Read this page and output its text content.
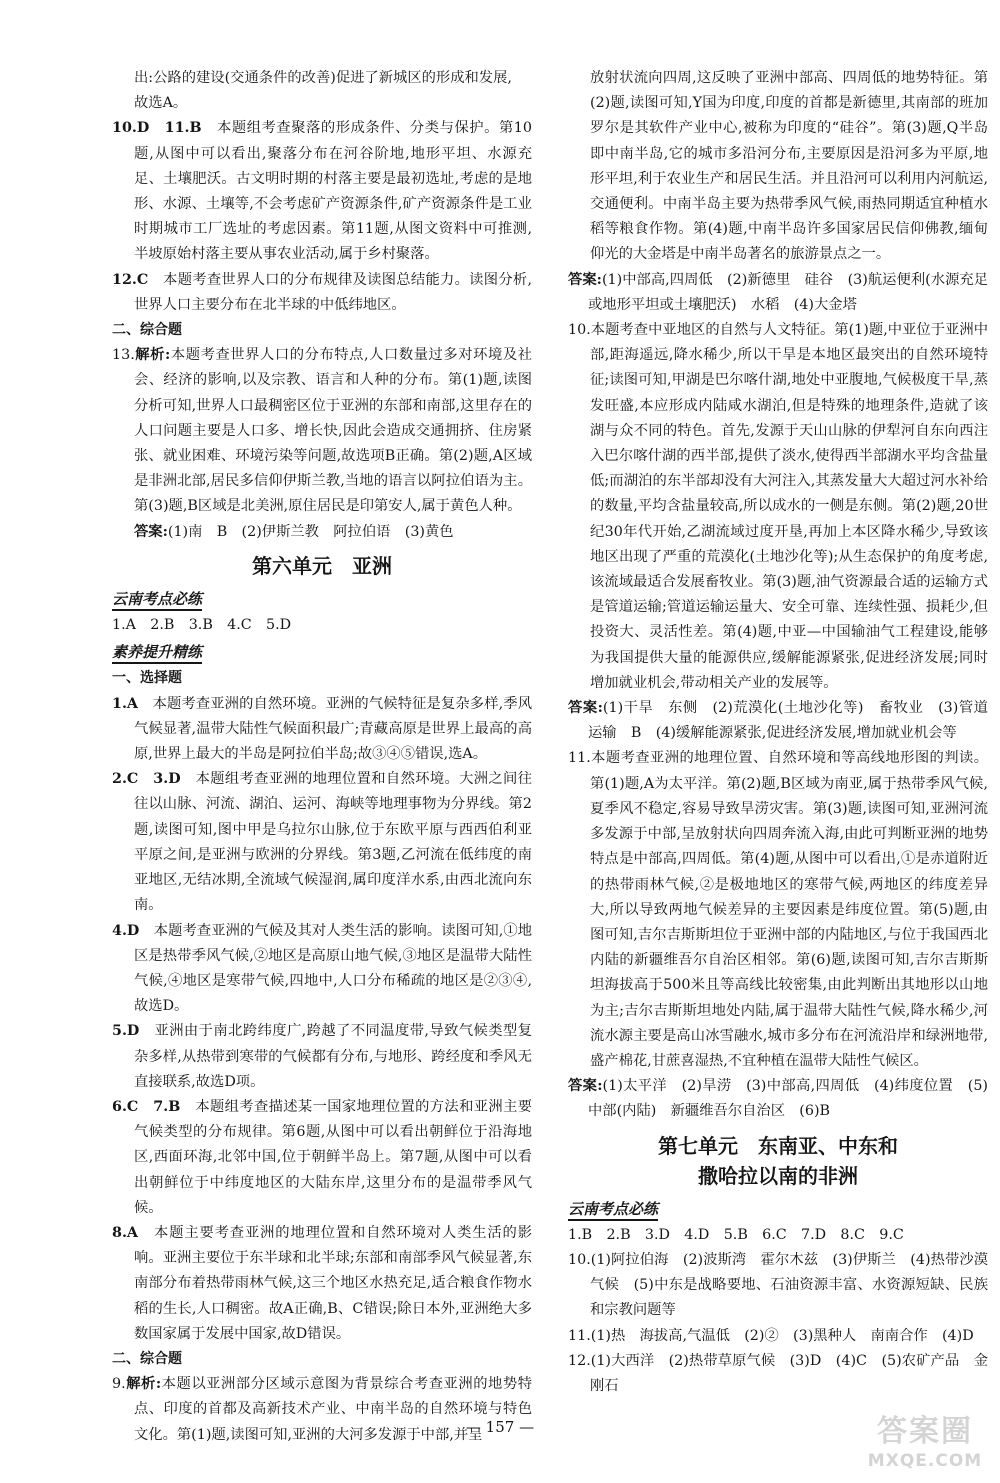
出:公路的建设(交通条件的改善)促进了新城区的形成和发展,

故选A。

10.D　11.B　 本题组考查聚落的形成条件、分类与保护。第10题,从图中可以看出,聚落分布在河谷阶地,地形平坦、水源充足、土壤肥沃。古文明时期的村落主要是最初选址,考虑的是地形、水源、土壤等,不会考虑矿产资源条件,矿产资源条件是工业时期城市工厂选址的考虑因素。第11题,从图文资料中可推测,半坡原始村落主要从事农业活动,属于乡村聚落。

12.C　 本题考查世界人口的分布规律及读图总结能力。读图分析,世界人口主要分布在北半球的中低纬地区。

二、综合题

13.解析:本题考查世界人口的分布特点,人口数量过多对环境及社会、经济的影响,以及宗教、语言和人种的分布。第(1)题,读图分析可知,世界人口最稠密区位于亚洲的东部和南部,这里存在的人口问题主要是人口多、增长快,因此会造成交通拥挤、住房紧张、就业困难、环境污染等问题,故选项B正确。第(2)题,A区域是非洲北部,居民多信仰伊斯兰教,当地的语言以阿拉伯语为主。第(3)题,B区域是北美洲,原住居民是印第安人,属于黄色人种。

答案:(1)南　B　(2)伊斯兰教　阿拉伯语　(3)黄色

第六单元　亚洲
云南考点必练

1.A　2.B　3.B　4.C　5.D

素养提升精练

一、选择题

1.A　 本题考查亚洲的自然环境。亚洲的气候特征是复杂多样,季风气候显著,温带大陆性气候面积最广;青藏高原是世界上最高的高原,世界上最大的半岛是阿拉伯半岛;故③④⑤错误,选A。

2.C　3.D　 本题组考查亚洲的地理位置和自然环境。大洲之间往往以山脉、河流、湖泊、运河、海峡等地理事物为分界线。第2题,读图可知,图中甲是乌拉尔山脉,位于东欧平原与西西伯利亚平原之间,是亚洲与欧洲的分界线。第3题,乙河流在低纬度的南亚地区,无结冰期,全流域气候湿润,属印度洋水系,由西北流向东南。

4.D　 本题考查亚洲的气候及其对人类生活的影响。读图可知,①地区是热带季风气候,②地区是高原山地气候,③地区是温带大陆性气候,④地区是寒带气候,四地中,人口分布稀疏的地区是②③④,故选D。

5.D　 亚洲由于南北跨纬度广,跨越了不同温度带,导致气候类型复杂多样,从热带到寒带的气候都有分布,与地形、跨经度和季风无直接联系,故选D项。

6.C　7.B　 本题组考查描述某一国家地理位置的方法和亚洲主要气候类型的分布规律。第6题,从图中可以看出朝鲜位于沿海地区,西面环海,北邻中国,位于朝鲜半岛上。第7题,从图中可以看出朝鲜位于中纬度地区的大陆东岸,这里分布的是温带季风气候。

8.A　 本题主要考查亚洲的地理位置和自然环境对人类生活的影响。亚洲主要位于东半球和北半球;东部和南部季风气候显著,东南部分布着热带雨林气候,这三个地区水热充足,适合粮食作物水稻的生长,人口稠密。故A正确,B、C错误;除日本外,亚洲绝大多数国家属于发展中国家,故D错误。

二、综合题

9.解析:本题以亚洲部分区域示意图为背景综合考查亚洲的地势特点、印度的首都及高新技术产业、中南半岛的自然环境与特色文化。第(1)题,读图可知,亚洲的大河多发源于中部,并呈

放射状流向四周,这反映了亚洲中部高、四周低的地势特征。第(2)题,读图可知,Y国为印度,印度的首都是新德里,其南部的班加罗尔是其软件产业中心,被称为印度的“硅谷”。第(3)题,Q半岛即中南半岛,它的城市多沿河分布,主要原因是沿河多为平原,地形平坦,利于农业生产和居民生活。并且沿河可以利用内河航运,交通便利。中南半岛主要为热带季风气候,雨热同期适宜种植水稻等粮食作物。第(4)题,中南半岛许多国家居民信仰佛教,缅甸仰光的大金塔是中南半岛著名的旅游景点之一。

答案:(1)中部高,四周低　(2)新德里　硅谷　(3)航运便利(水源充足或地形平坦或土壤肥沃)　水稻　(4)大金塔

10.本题考查中亚地区的自然与人文特征。第(1)题,中亚位于亚洲中部,距海遥远,降水稀少,所以干旱是本地区最突出的自然环境特征;读图可知,甲湖是巴尔喀什湖,地处中亚腹地,气候极度干旱,蒸发旺盛,本应形成内陆咸水湖泊,但是特殊的地理条件,造就了该湖与众不同的特色。首先,发源于天山山脉的伊犁河自东向西注入巴尔喀什湖的西半部,提供了淡水,使得西半部湖水平均含盐量低;而湖泊的东半部却没有大河注入,其蒸发量大大超过河水补给的数量,平均含盐量较高,所以成水的一侧是东侧。第(2)题,20世纪30年代开始,乙湖流域过度开垦,再加上本区降水稀少,导致该地区出现了严重的荒漠化(土地沙化等);从生态保护的角度考虑,该流域最适合发展畜牧业。第(3)题,油气资源最合适的运输方式是管道运输;管道运输运量大、安全可靠、连续性强、损耗少,但投资大、灵活性差。第(4)题,中亚—中国输油气工程建设,能够为我国提供大量的能源供应,缓解能源紧张,促进经济发展;同时增加就业机会,带动相关产业的发展等。

答案:(1)干旱　东侧　(2)荒漠化(土地沙化等)　畜牧业　(3)管道运输　B　(4)缓解能源紧张,促进经济发展,增加就业机会等

11.本题考查亚洲的地理位置、自然环境和等高线地形图的判读。第(1)题,A为太平洋。第(2)题,B区域为南亚,属于热带季风气候,夏季风不稳定,容易导致旱涝灾害。第(3)题,读图可知,亚洲河流多发源于中部,呈放射状向四周奔流入海,由此可判断亚洲的地势特点是中部高,四周低。第(4)题,从图中可以看出,①是赤道附近的热带雨林气候,②是极地地区的寒带气候,两地区的纬度差异大,所以导致两地气候差异的主要因素是纬度位置。第(5)题,由图可知,吉尔吉斯斯坦位于亚洲中部的内陆地区,与位于我国西北内陆的新疆维吾尔自治区相邻。第(6)题,读图可知,吉尔吉斯斯坦海拔高于500米且等高线比较密集,由此判断出其地形以山地为主;吉尔吉斯斯坦地处内陆,属于温带大陆性气候,降水稀少,河流水源主要是高山冰雪融水,城市多分布在河流沿岸和绿洲地带,盛产棉花,甘蔗喜湿热,不宜种植在温带大陆性气候区。

答案:(1)太平洋　(2)旱涝　(3)中部高,四周低　(4)纬度位置　(5)中部(内陆)　新疆维吾尔自治区　(6)B

第七单元　东南亚、中东和
撒哈拉以南的非洲
云南考点必练

1.B　2.B　3.D　4.D　5.B　6.C　7.D　8.C　9.C

10.(1)阿拉伯海　(2)波斯湾　霍尔木兹　(3)伊斯兰　(4)热带沙漠气候　(5)中东是战略要地、石油资源丰富、水资源短缺、民族和宗教问题等

11.(1)热　海拔高,气温低　(2)②　(3)黑种人　南南合作　(4)D

12.(1)大西洋　(2)热带草原气候　(3)D　(4)C　(5)农矿产品　金刚石

— 157 —	答案圈
MXQE.COM
